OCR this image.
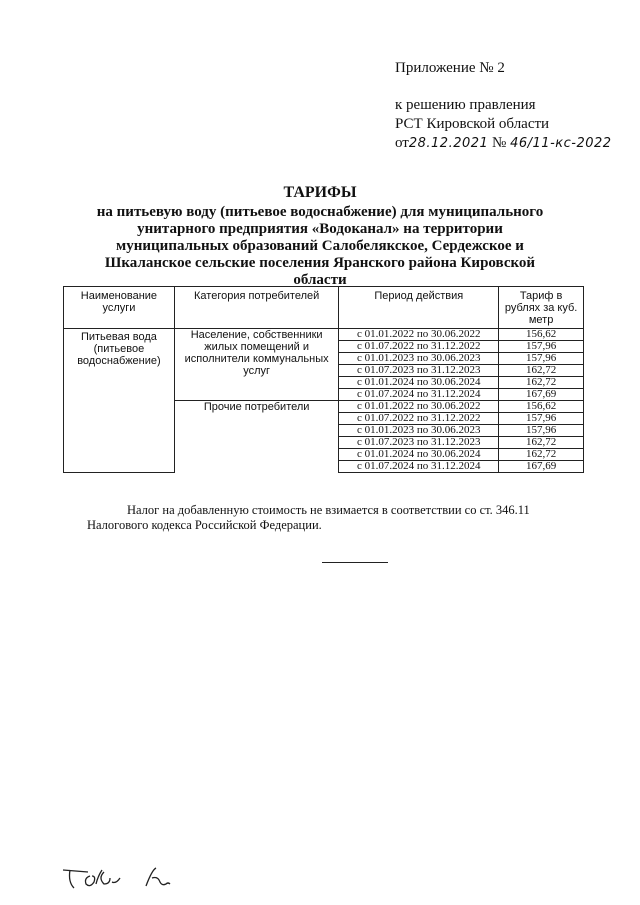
Приложение № 2
к решению правления
РСТ Кировской области
от28.12.2021 № 46/11-кс-2022
ТАРИФЫ
на питьевую воду (питьевое водоснабжение) для муниципального унитарного предприятия «Водоканал» на территории муниципальных образований Салобелякское, Сердежское и Шкаланское сельские поселения Яранского района Кировской области
Наименование услуги	Категория потребителей	Период действия	Тариф в рублях за куб. метр
Питьевая вода (питьевое водоснабжение)	Население, собственники жилых помещений и исполнители коммунальных услуг	с 01.01.2022 по 30.06.2022	156,62
		с 01.07.2022 по 31.12.2022	157,96
		с 01.01.2023 по 30.06.2023	157,96
		с 01.07.2023 по 31.12.2023	162,72
		с 01.01.2024 по 30.06.2024	162,72
		с 01.07.2024 по 31.12.2024	167,69
	Прочие потребители	с 01.01.2022 по 30.06.2022	156,62
		с 01.07.2022 по 31.12.2022	157,96
		с 01.01.2023 по 30.06.2023	157,96
		с 01.07.2023 по 31.12.2023	162,72
		с 01.01.2024 по 30.06.2024	162,72
		с 01.07.2024 по 31.12.2024	167,69
Налог на добавленную стоимость не взимается в соответствии со ст. 346.11
Налогового кодекса Российской Федерации.
